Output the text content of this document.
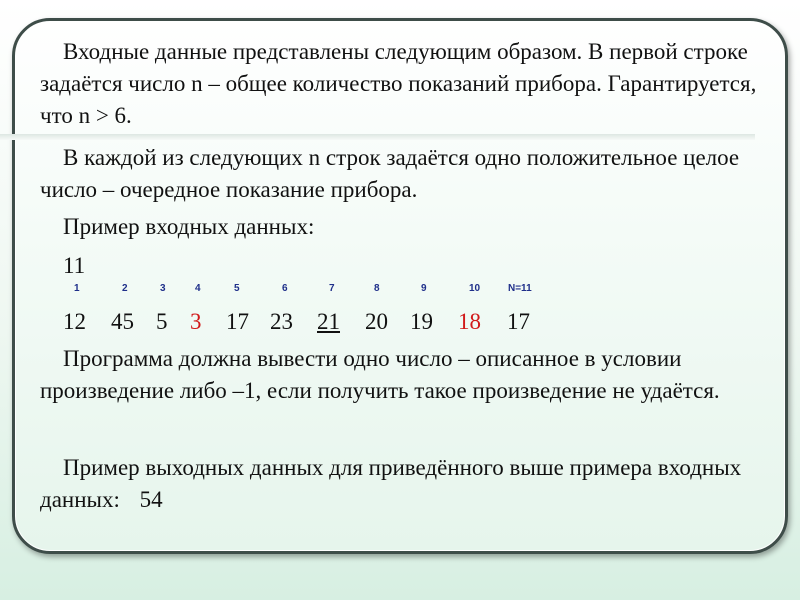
Входные данные представлены следующим образом. В первой строке задаётся число n – общее количество показаний прибора. Гарантируется, что n > 6.
В каждой из следующих n строк задаётся одно положительное целое число – очередное показание прибора.
Пример входных данных:
11
1	2	3	4	5	6	7	8	9	10	N=11
12 45 5 3 17 23 21 20 19 18 17
Программа должна вывести одно число – описанное в условии произведение либо –1, если получить такое произведение не удаётся.
Пример выходных данных для приведённого выше примера входных данных: 54
